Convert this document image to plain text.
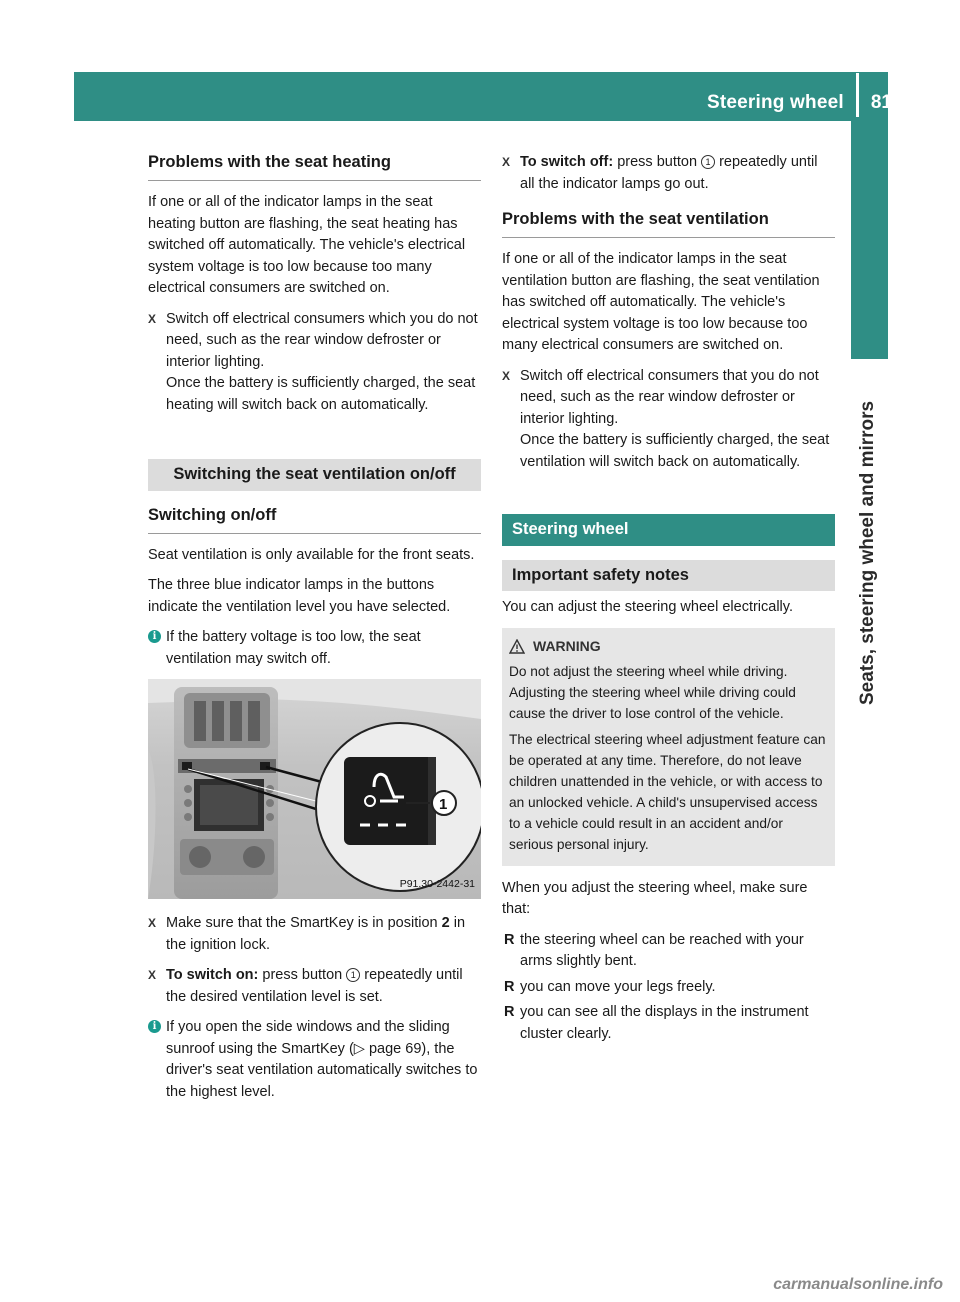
Steering wheel 81
Seats, steering wheel and mirrors
Problems with the seat heating

If one or all of the indicator lamps in the seat heating button are flashing, the seat heating has switched off automatically. The vehicle's electrical system voltage is too low because too many electrical consumers are switched on.

X Switch off electrical consumers which you do not need, such as the rear window defroster or interior lighting.
Once the battery is sufficiently charged, the seat heating will switch back on automatically.
Switching the seat ventilation on/off
Switching on/off

Seat ventilation is only available for the front seats.

The three blue indicator lamps in the buttons indicate the ventilation level you have selected.

i If the battery voltage is too low, the seat ventilation may switch off.
1
P91.30-2442-31
X Make sure that the SmartKey is in position 2 in the ignition lock.
X To switch on: press button 1 repeatedly until the desired ventilation level is set.
i If you open the side windows and the sliding sunroof using the SmartKey (▷ page 69), the driver's seat ventilation automatically switches to the highest level.
X To switch off: press button 1 repeatedly until all the indicator lamps go out.
Problems with the seat ventilation

If one or all of the indicator lamps in the seat ventilation button are flashing, the seat ventilation has switched off automatically. The vehicle's electrical system voltage is too low because too many electrical consumers are switched on.

X Switch off electrical consumers that you do not need, such as the rear window defroster or interior lighting.
Once the battery is sufficiently charged, the seat ventilation will switch back on automatically.
Steering wheel
Important safety notes

You can adjust the steering wheel electrically.

WARNING

Do not adjust the steering wheel while driving. Adjusting the steering wheel while driving could cause the driver to lose control of the vehicle.

The electrical steering wheel adjustment feature can be operated at any time. Therefore, do not leave children unattended in the vehicle, or with access to an unlocked vehicle. A child's unsupervised access to a vehicle could result in an accident and/or serious personal injury.

When you adjust the steering wheel, make sure that:

R the steering wheel can be reached with your arms slightly bent.
R you can move your legs freely.
R you can see all the displays in the instrument cluster clearly.
carmanualsonline.info
